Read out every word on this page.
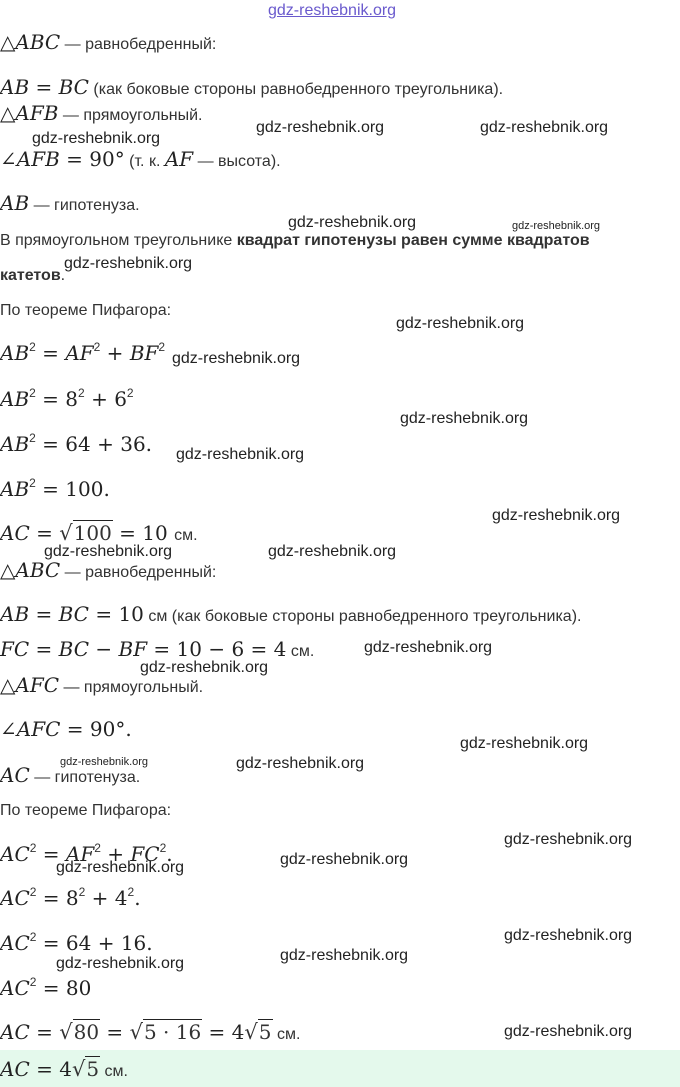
△ABC — равнобедренный:
AB = BC (как боковые стороны равнобедренного треугольника).
△AFB — прямоугольный.
∠AFB = 90° (т. к. AF — высота).
AB — гипотенуза.
В прямоугольном треугольнике квадрат гипотенузы равен сумме квадратов
катетов.
По теореме Пифагора:
$AB^2 = AF^2 + BF^2$
$AB^2 = 8^2 + 6^2$
$AB^2 = 64 + 36$.
$AB^2 = 100$.
AC = √100 = 10 см.
△ABC — равнобедренный:
AB = BC = 10 см (как боковые стороны равнобедренного треугольника).
FC = BC − BF = 10 − 6 = 4 см.
△AFC — прямоугольный.
∠AFC = 90°.
AC — гипотенуза.
По теореме Пифагора:
$AC^2 = AF^2 + FC^2$.
$AC^2 = 8^2 + 4^2$.
$AC^2 = 64 + 16$.
$AC^2 = 80$
AC = √80 = √5 · 16 = 4√5 см.
AC = 4√5 см.
gdz-reshebnik.org
gdz-reshebnik.org
gdz-reshebnik.org	gdz-reshebnik.org
gdz-reshebnik.org	gdz-reshebnik.org
gdz-reshebnik.org
gdz-reshebnik.org
gdz-reshebnik.org
gdz-reshebnik.org
gdz-reshebnik.org
gdz-reshebnik.org
gdz-reshebnik.org	gdz-reshebnik.org
gdz-reshebnik.org
gdz-reshebnik.org
gdz-reshebnik.org
gdz-reshebnik.org	gdz-reshebnik.org
gdz-reshebnik.org
gdz-reshebnik.org
gdz-reshebnik.org
gdz-reshebnik.org
gdz-reshebnik.org
gdz-reshebnik.org
gdz-reshebnik.org
